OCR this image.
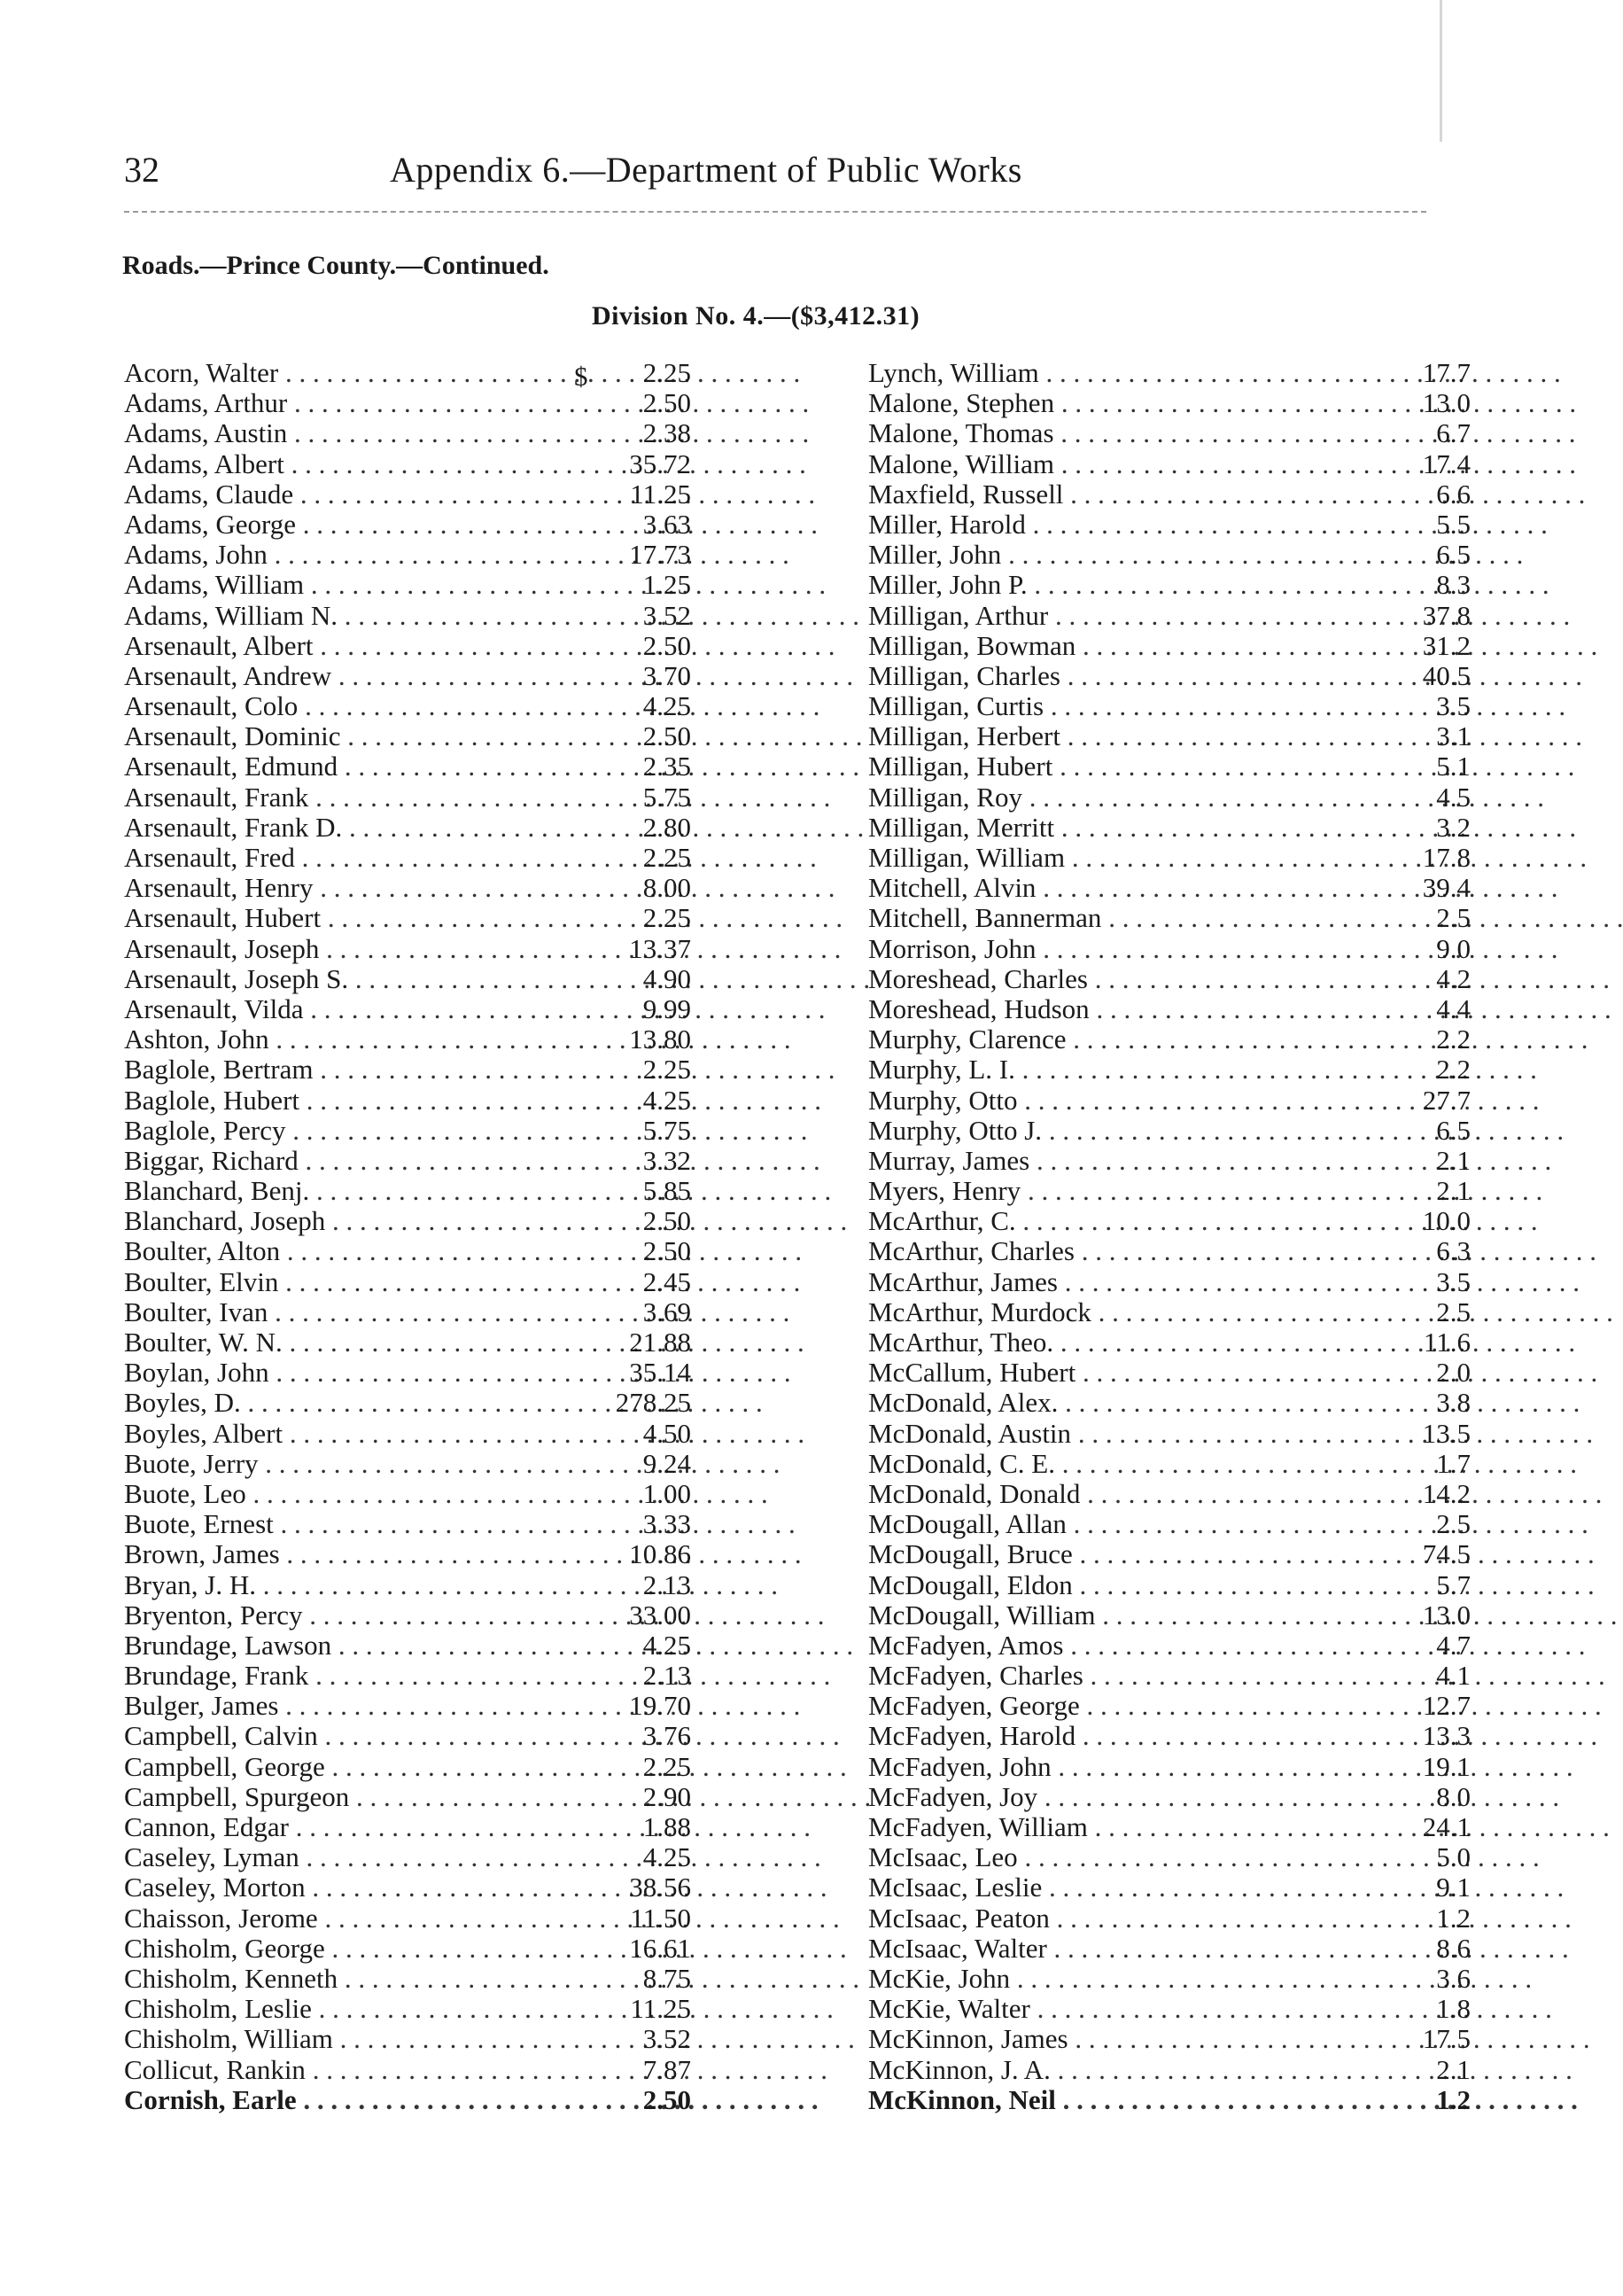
32	Appendix 6.—Department of Public Works
Roads.—Prince County.—Continued.
Division No. 4.—($3,412.31)
$
Acorn, Walter . . .	2.25
Adams, Arthur . . .	2.50
Adams, Austin . . .	2.38
Adams, Albert . . .	35.72
Adams, Claude . . .	11.25
Adams, George . . .	3.63
Adams, John . . .	17.73
Adams, William . . .	1.25
Adams, William N. . . .	3.52
Arsenault, Albert . . .	2.50
Arsenault, Andrew . . .	3.70
Arsenault, Colo . . .	4.25
Arsenault, Dominic . . .	2.50
Arsenault, Edmund . . .	2.35
Arsenault, Frank . . .	5.75
Arsenault, Frank D. . . .	2.80
Arsenault, Fred . . .	2.25
Arsenault, Henry . . .	8.00
Arsenault, Hubert . . .	2.25
Arsenault, Joseph . . .	13.37
Arsenault, Joseph S. . . .	4.90
Arsenault, Vilda . . .	9.99
Ashton, John . . .	13.80
Baglole, Bertram . . .	2.25
Baglole, Hubert . . .	4.25
Baglole, Percy . . .	5.75
Biggar, Richard . . .	3.32
Blanchard, Benj. . . .	5.85
Blanchard, Joseph . . .	2.50
Boulter, Alton . . .	2.50
Boulter, Elvin . . .	2.45
Boulter, Ivan . . .	3.69
Boulter, W. N. . . .	21.88
Boylan, John . . .	35.14
Boyles, D. . . .	278.25
Boyles, Albert . . .	4.50
Buote, Jerry . . .	9.24
Buote, Leo . . .	1.00
Buote, Ernest . . .	3.33
Brown, James . . .	10.86
Bryan, J. H. . . .	2.13
Bryenton, Percy . . .	33.00
Brundage, Lawson . . .	4.25
Brundage, Frank . . .	2.13
Bulger, James . . .	19.70
Campbell, Calvin . . .	3.76
Campbell, George . . .	2.25
Campbell, Spurgeon . . .	2.90
Cannon, Edgar . . .	1.88
Caseley, Lyman . . .	4.25
Caseley, Morton . . .	38.56
Chaisson, Jerome . . .	11.50
Chisholm, George . . .	16.61
Chisholm, Kenneth . . .	8.75
Chisholm, Leslie . . .	11.25
Chisholm, William . . .	3.52
Collicut, Rankin . . .	7.87
Cornish, Earle . . .	2.50
Lynch, William . . .	17.7
Malone, Stephen . . .	13.0
Malone, Thomas . . .	6.7
Malone, William . . .	17.4
Maxfield, Russell . . .	6.6
Miller, Harold . . .	5.5
Miller, John . . .	6.5
Miller, John P. . . .	8.3
Milligan, Arthur . . .	37.8
Milligan, Bowman . . .	31.2
Milligan, Charles . . .	40.5
Milligan, Curtis . . .	3.5
Milligan, Herbert . . .	3.1
Milligan, Hubert . . .	5.1
Milligan, Roy . . .	4.5
Milligan, Merritt . . .	3.2
Milligan, William . . .	17.8
Mitchell, Alvin . . .	39.4
Mitchell, Bannerman . . .	2.5
Morrison, John . . .	9.0
Moreshead, Charles . . .	4.2
Moreshead, Hudson . . .	4.4
Murphy, Clarence . . .	2.2
Murphy, L. I. . . .	2.2
Murphy, Otto . . .	27.7
Murphy, Otto J. . . .	6.5
Murray, James . . .	2.1
Myers, Henry . . .	2.1
McArthur, C. . . .	10.0
McArthur, Charles . . .	6.3
McArthur, James . . .	3.5
McArthur, Murdock . . .	2.5
McArthur, Theo. . . .	11.6
McCallum, Hubert . . .	2.0
McDonald, Alex. . . .	3.8
McDonald, Austin . . .	13.5
McDonald, C. E. . . .	1.7
McDonald, Donald . . .	14.2
McDougall, Allan . . .	2.5
McDougall, Bruce . . .	74.5
McDougall, Eldon . . .	5.7
McDougall, William . . .	13.0
McFadyen, Amos . . .	4.7
McFadyen, Charles . . .	4.1
McFadyen, George . . .	12.7
McFadyen, Harold . . .	13.3
McFadyen, John . . .	19.1
McFadyen, Joy . . .	8.0
McFadyen, William . . .	24.1
McIsaac, Leo . . .	5.0
McIsaac, Leslie . . .	9.1
McIsaac, Peaton . . .	1.2
McIsaac, Walter . . .	8.6
McKie, John . . .	3.6
McKie, Walter . . .	1.8
McKinnon, James . . .	17.5
McKinnon, J. A. . . .	2.1
McKinnon, Neil . . .	1.2
